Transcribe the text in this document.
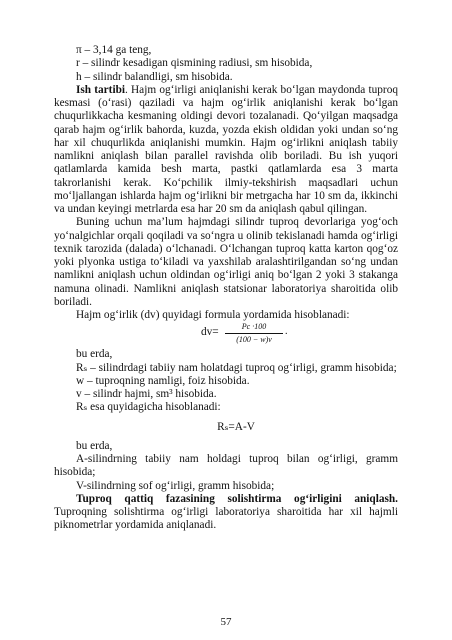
π – 3,14 ga teng,

r – silindr kesadigan qismining radiusi, sm hisobida,

h – silindr balandligi, sm hisobida.

Ish tartibi. Hajm og‘irligi aniqlanishi kerak bo‘lgan maydonda tuproq kesmasi (o‘rasi) qaziladi va hajm og‘irlik aniqlanishi kerak bo‘lgan chuqurlikkacha kesmaning oldingi devori tozalanadi. Qo‘yilgan maqsadga qarab hajm og‘irlik bahorda, kuzda, yozda ekish oldidan yoki undan so‘ng har xil chuqurlikda aniqlanishi mumkin. Hajm og‘irlikni aniqlash tabiiy namlikni aniqlash bilan parallel ravishda olib boriladi. Bu ish yuqori qatlamlarda kamida besh marta, pastki qatlamlarda esa 3 marta takrorlanishi kerak. Ko‘pchilik ilmiy-tekshirish maqsadlari uchun mo‘ljallangan ishlarda hajm og‘irlikni bir metrgacha har 10 sm da, ikkinchi va undan keyingi metrlarda esa har 20 sm da aniqlash qabul qilingan.

Buning uchun ma’lum hajmdagi silindr tuproq devorlariga yog‘och yo‘nalgichlar orqali qoqiladi va so‘ngra u olinib tekislanadi hamda og‘irligi texnik tarozida (dalada) o‘lchanadi. O‘lchangan tuproq katta karton qog‘oz yoki plyonka ustiga to‘kiladi va yaxshilab aralashtirilgandan so‘ng undan namlikni aniqlash uchun oldindan og‘irligi aniq bo‘lgan 2 yoki 3 stakanga namuna olinadi. Namlikni aniqlash statsionar laboratoriya sharoitida olib boriladi.

Hajm og‘irlik (dv) quyidagi formula yordamida hisoblanadi:

dv=	Pс ·100
(100 − w)v
.

bu erda,

Rₛ – silindrdagi tabiiy nam holatdagi tuproq og‘irligi, gramm hisobida;

w – tuproqning namligi, foiz hisobida.

v – silindr hajmi, sm³ hisobida.

Rₛ esa quyidagicha hisoblanadi:

Rₛ=A-V

bu erda,

A-silindrning tabiiy nam holdagi tuproq bilan og‘irligi, gramm hisobida;

V-silindrning sof og‘irligi, gramm hisobida;

Tuproq qattiq fazasining solishtirma og‘irligini aniqlash. Tuproqning solishtirma og‘irligi laboratoriya sharoitida har xil hajmli piknometrlar yordamida aniqlanadi.

57
